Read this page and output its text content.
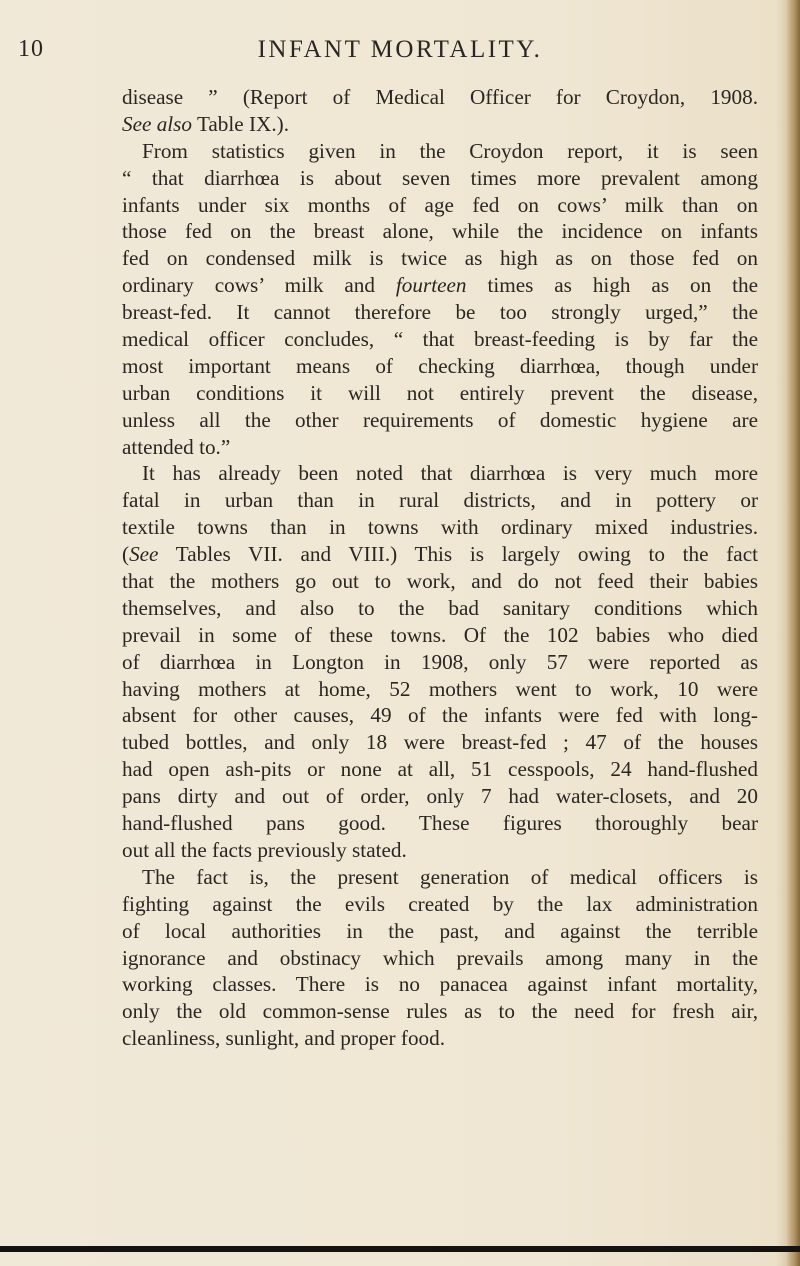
10	INFANT MORTALITY.
disease ” (Report of Medical Officer for Croydon, 1908.
See also Table IX.).
From statistics given in the Croydon report, it is seen
“ that diarrhœa is about seven times more prevalent among
infants under six months of age fed on cows’ milk than on
those fed on the breast alone, while the incidence on infants
fed on condensed milk is twice as high as on those fed on
ordinary cows’ milk and fourteen times as high as on the
breast-fed. It cannot therefore be too strongly urged,” the
medical officer concludes, “ that breast-feeding is by far the
most important means of checking diarrhœa, though under
urban conditions it will not entirely prevent the disease,
unless all the other requirements of domestic hygiene are
attended to.”
It has already been noted that diarrhœa is very much more
fatal in urban than in rural districts, and in pottery or
textile towns than in towns with ordinary mixed industries.
(See Tables VII. and VIII.) This is largely owing to the fact
that the mothers go out to work, and do not feed their babies
themselves, and also to the bad sanitary conditions which
prevail in some of these towns. Of the 102 babies who died
of diarrhœa in Longton in 1908, only 57 were reported as
having mothers at home, 52 mothers went to work, 10 were
absent for other causes, 49 of the infants were fed with long-
tubed bottles, and only 18 were breast-fed ; 47 of the houses
had open ash-pits or none at all, 51 cesspools, 24 hand-flushed
pans dirty and out of order, only 7 had water-closets, and 20
hand-flushed pans good. These figures thoroughly bear
out all the facts previously stated.
The fact is, the present generation of medical officers is
fighting against the evils created by the lax administration
of local authorities in the past, and against the terrible
ignorance and obstinacy which prevails among many in the
working classes. There is no panacea against infant mortality,
only the old common-sense rules as to the need for fresh air,
cleanliness, sunlight, and proper food.
